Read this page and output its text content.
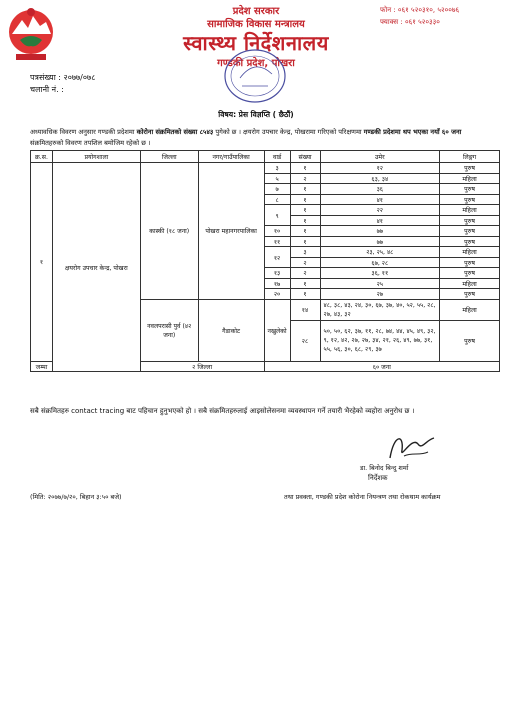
प्रदेश सरकार
सामाजिक विकास मन्त्रालय
स्वास्थ्य निर्देशनालय
गण्डकी प्रदेश, पोखरा
फोन : ०६१ ५२०३१०, ५२००७६
फ्याक्स : ०६१ ५२०३३०
पत्रसंख्या : २०७७/०७८
चलानी नं. :
विषय: प्रेस विज्ञप्ति ( छैठौं)
अध्यावधिक विवरण अनुसार गण्डकी प्रदेशमा कोरोना संक्रमितको संख्या ८५४३ पुगेको छ । क्षयरोग उपचार केन्द्र, पोखरामा गरिएको परिक्षणमा गण्डकी प्रदेशमा थप भएका नयाँ ६० जना संक्रमितहरुको विवरण तपशिल बमोजिम रहेको छ ।
क्र.स.	प्रयोगशाला	जिल्ला	नगर/गाउँपालिका	वार्ड	संख्या	उमेर	लिङ्गग
१	क्षयरोग उपचार केन्द्र, पोखरा	कास्की (१८ जना)	पोखरा महानगरपालिका	३	१	१२	पुरुष
				५	२	६३, ३४	महिला
				७	१	३६	पुरुष
				८	१	४१	पुरुष
				९	१	२२	महिला
					१	४१	पुरुष
				१०	१	७७	पुरुष
				११	१	७७	पुरुष
				१२	३	२३, २५, ४८	महिला
					२	६७, २८	पुरुष
				१३	२	३६, ११	पुरुष
				१७	१	२५	महिला
				२०	१	२७	पुरुष
		नवलपरासी पुर्व (४२ जना)	गैडाकोट	नखुलेको	१४	४८, ३८, ४३, २४, ३०, ६७, ३७, ४०, ५२, ५५, २८, २७, ४३, ३२	महिला
					२८	५०, ५०, ६२, ३७, ११, २८, ७४, ४४, ४५, ४९, ३२, ९, १२, ४२, २७, २७, ३४, २१, २६, ४९, ७७, ३१, ५५, ५६, ३०, ६८, २९, ३७	पुरुष
जम्मा		२ जिल्ला		६० जना			
सबै संक्रमितहरु contact tracing बाट पहिचान हुनुभएको हो । सबै संक्रमितहरुलाई आइसोलेसनमा व्यवस्थापन गर्ने तयारी भैरहेको व्यहोरा अनुरोध छ ।
डा. बिनोद बिन्दु शर्मा
निर्देशक
(मिति: २०७७/७/२०, बिहान ३:५० बजे)	तथा प्रवक्ता, गण्डकी प्रदेश कोरोना नियन्त्रण तथा रोकथाम कार्यक्रम
